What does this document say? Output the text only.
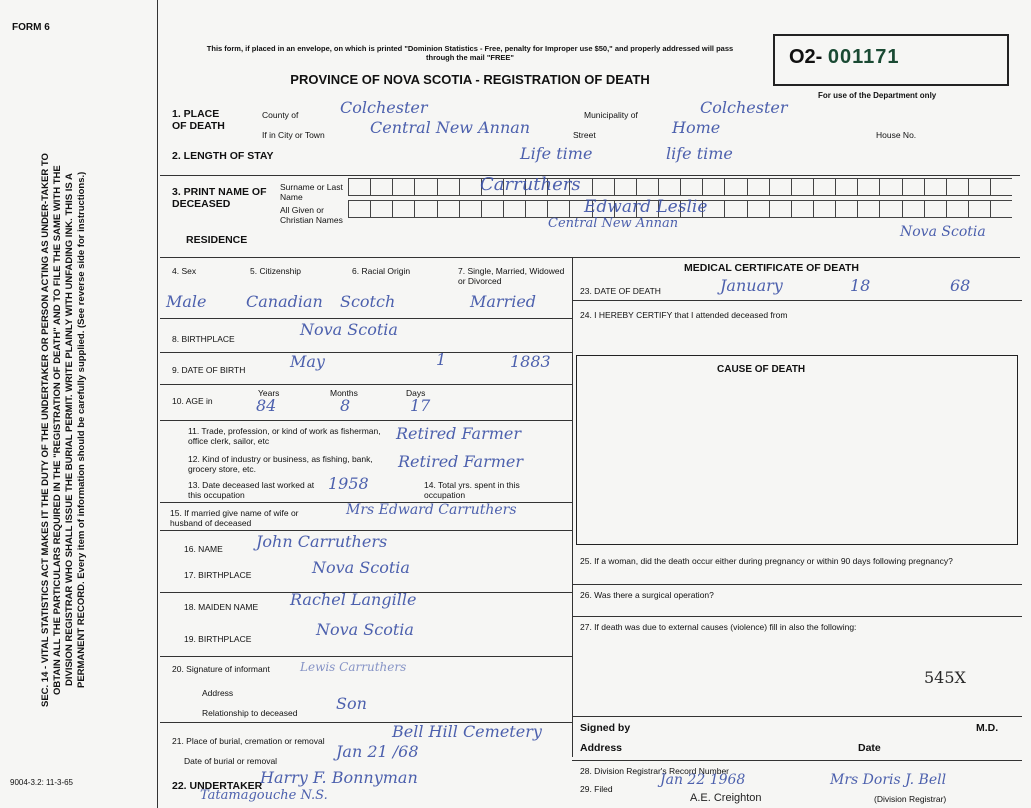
FORM 6
SEC. 14 - VITAL STATISTICS ACT MAKES IT THE DUTY OF THE UNDERTAKER OR PERSON ACTING AS UNDER-TAKER TO OBTAIN ALL THE PARTICULARS REQUIRED IN THE "REGISTRATION OF DEATH" AND TO FILE THE SAME WITH THE DIVISION REGISTRAR WHO SHALL ISSUE THE BURIAL PERMIT. WRITE PLAINLY WITH UNFADING INK. THIS IS A PERMANENT RECORD. Every item of information should be carefully supplied. (See reverse side for instructions.)
This form, if placed in an envelope, on which is printed "Dominion Statistics - Free, penalty for Improper use $50," and properly addressed will pass through the mail "FREE"
PROVINCE OF NOVA SCOTIA - REGISTRATION OF DEATH
O2- 001171
For use of the Department only
1. PLACE OF DEATH
County of	Colchester	Municipality of	Colchester
If in City or Town	Central New Annan	Street	Home	House No.
2. LENGTH OF STAY	Life time	life time
3. PRINT NAME OF DECEASED
Surname or Last Name
All Given or Christian Names
Carruthers
Edward Leslie
RESIDENCE
Central New Annan
Nova Scotia
4. Sex	5. Citizenship	6. Racial Origin	7. Single, Married, Widowed or Divorced
Male Canadian Scotch	Married
8. BIRTHPLACE	Nova Scotia
9. DATE OF BIRTH	May	1	1883
10. AGE in
Years	Months	Days
84	8	17
11. Trade, profession, or kind of work as fisherman, office clerk, sailor, etc	Retired Farmer
12. Kind of industry or business, as fishing, bank, grocery store, etc.	Retired Farmer
13. Date deceased last worked at this occupation
1958	14. Total yrs. spent in this occupation
15. If married give name of wife or husband of deceased
Mrs Edward Carruthers
16. NAME John Carruthers
17. BIRTHPLACE	Nova Scotia
18. MAIDEN NAME Rachel Langille
19. BIRTHPLACE	Nova Scotia
20. Signature of informant	Lewis Carruthers
Address
Relationship to deceased Son
21. Place of burial, cremation or removal	Bell Hill Cemetery
Date of burial or removal	Jan 21 /68
22. UNDERTAKER
Harry F. Bonnyman
Tatamagouche N.S.
MEDICAL CERTIFICATE OF DEATH
23. DATE OF DEATH	January	18	68
24. I HEREBY CERTIFY that I attended deceased from
CAUSE OF DEATH
25. If a woman, did the death occur either during pregnancy or within 90 days following pregnancy?
26. Was there a surgical operation?
27. If death was due to external causes (violence) fill in also the following:
545X
Signed by	M.D.
Address	Date
28. Division Registrar's Record Number
29. Filed
Jan 22 1968	Mrs Doris J. Bell
(Division Registrar)
A.E. Creighton
9004-3.2: 11-3-65
